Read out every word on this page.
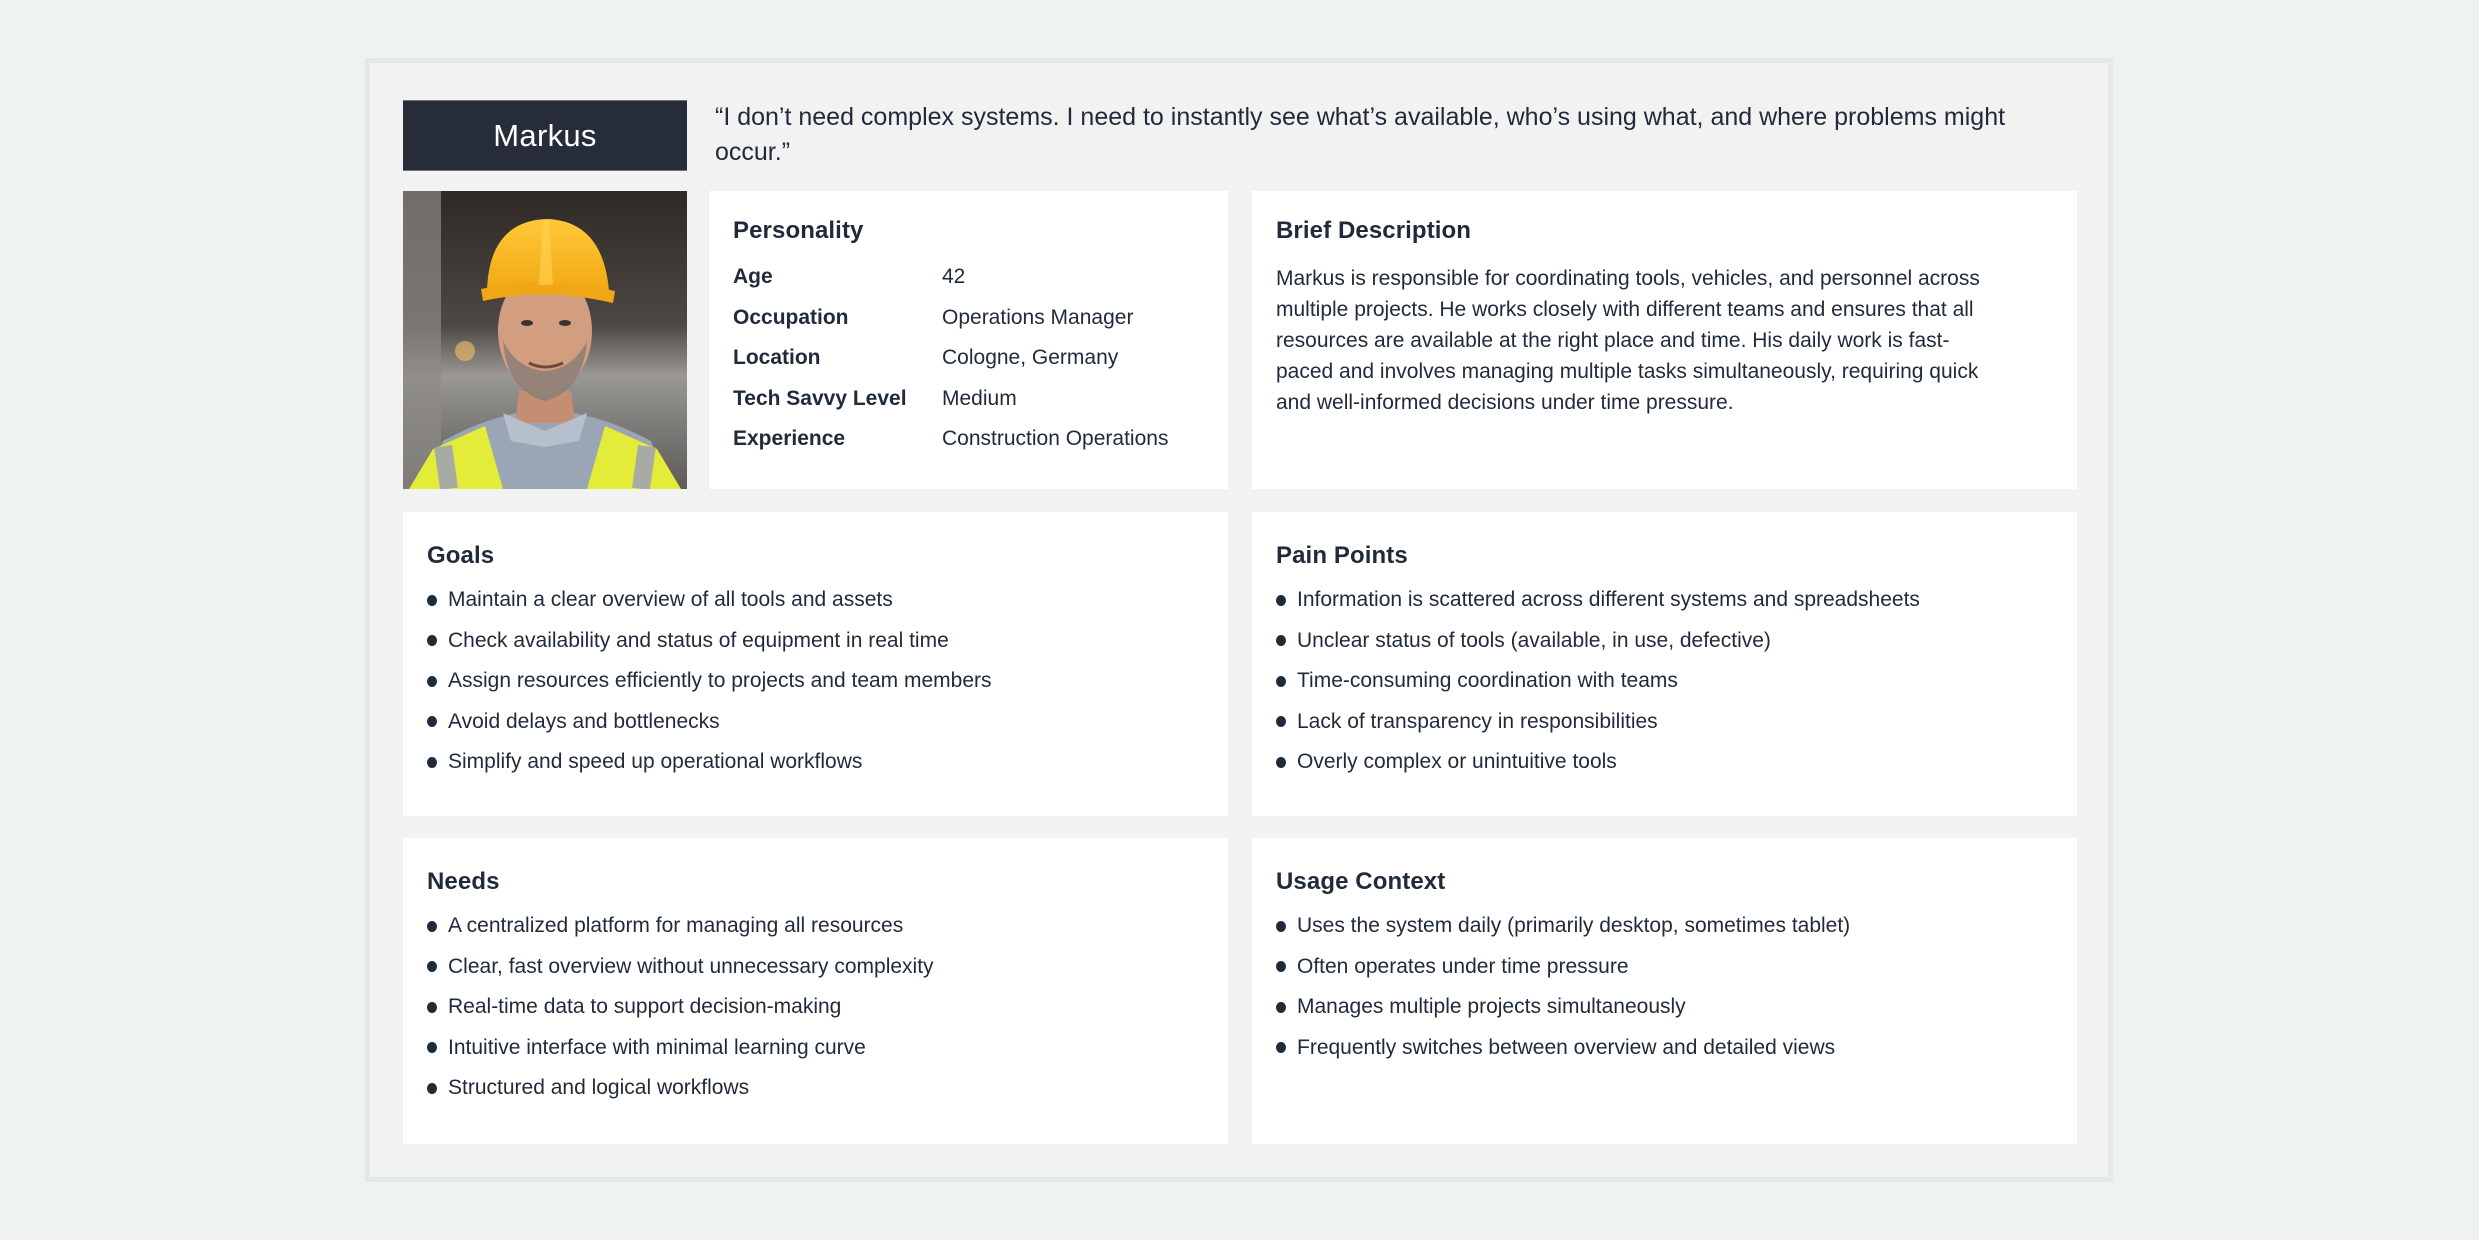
Markus
“I don’t need complex systems. I need to instantly see what’s available, who’s using what, and where problems might occur.”
Personality
Age	42
Occupation	Operations Manager
Location	Cologne, Germany
Tech Savvy Level	Medium
Experience	Construction Operations
Brief Description

Markus is responsible for coordinating tools, vehicles, and personnel across multiple projects. He works closely with different teams and ensures that all resources are available at the right place and time. His daily work is fast-paced and involves managing multiple tasks simultaneously, requiring quick and well-informed decisions under time pressure.

Goals
Maintain a clear overview of all tools and assets
Check availability and status of equipment in real time
Assign resources efficiently to projects and team members
Avoid delays and bottlenecks
Simplify and speed up operational workflows
Pain Points
Information is scattered across different systems and spreadsheets
Unclear status of tools (available, in use, defective)
Time-consuming coordination with teams
Lack of transparency in responsibilities
Overly complex or unintuitive tools
Needs
A centralized platform for managing all resources
Clear, fast overview without unnecessary complexity
Real-time data to support decision-making
Intuitive interface with minimal learning curve
Structured and logical workflows
Usage Context
Uses the system daily (primarily desktop, sometimes tablet)
Often operates under time pressure
Manages multiple projects simultaneously
Frequently switches between overview and detailed views
